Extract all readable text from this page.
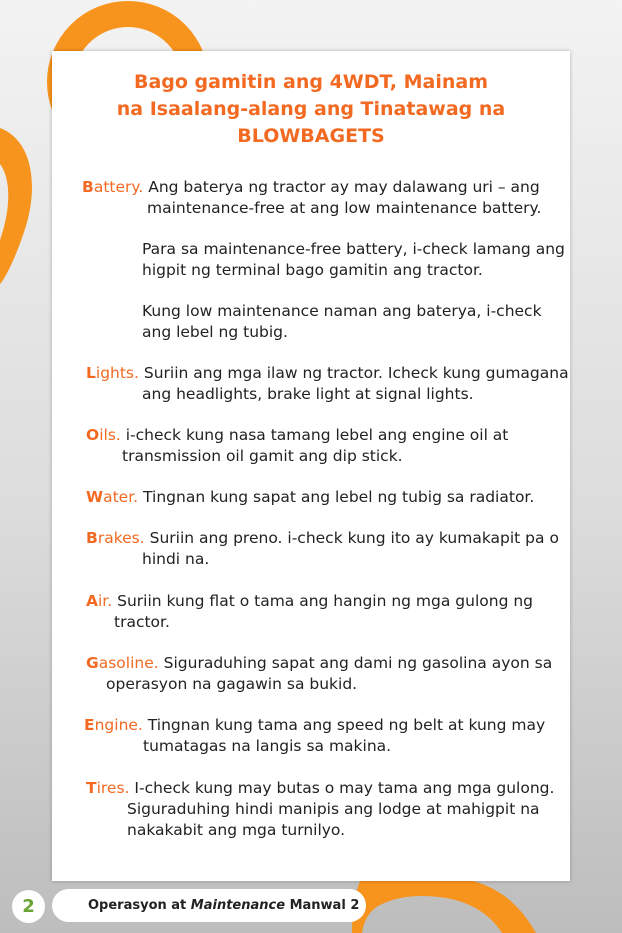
Bago gamitin ang 4WDT, Mainam
na Isaalang-alang ang Tinatawag na
BLOWBAGETS
Battery. Ang baterya ng tractor ay may dalawang uri – ang
maintenance-free at ang low maintenance battery.
Para sa maintenance-free battery, i-check lamang ang
higpit ng terminal bago gamitin ang tractor.
Kung low maintenance naman ang baterya, i-check
ang lebel ng tubig.
Lights. Suriin ang mga ilaw ng tractor. Icheck kung gumagana
ang headlights, brake light at signal lights.
Oils. i-check kung nasa tamang lebel ang engine oil at
transmission oil gamit ang dip stick.
Water. Tingnan kung sapat ang lebel ng tubig sa radiator.
Brakes. Suriin ang preno. i-check kung ito ay kumakapit pa o
hindi na.
Air. Suriin kung flat o tama ang hangin ng mga gulong ng
tractor.
Gasoline. Siguraduhing sapat ang dami ng gasolina ayon sa
operasyon na gagawin sa bukid.
Engine. Tingnan kung tama ang speed ng belt at kung may
tumatagas na langis sa makina.
Tires. I-check kung may butas o may tama ang mga gulong.
Siguraduhing hindi manipis ang lodge at mahigpit na
nakakabit ang mga turnilyo.
2	Operasyon at Maintenance Manwal 2
